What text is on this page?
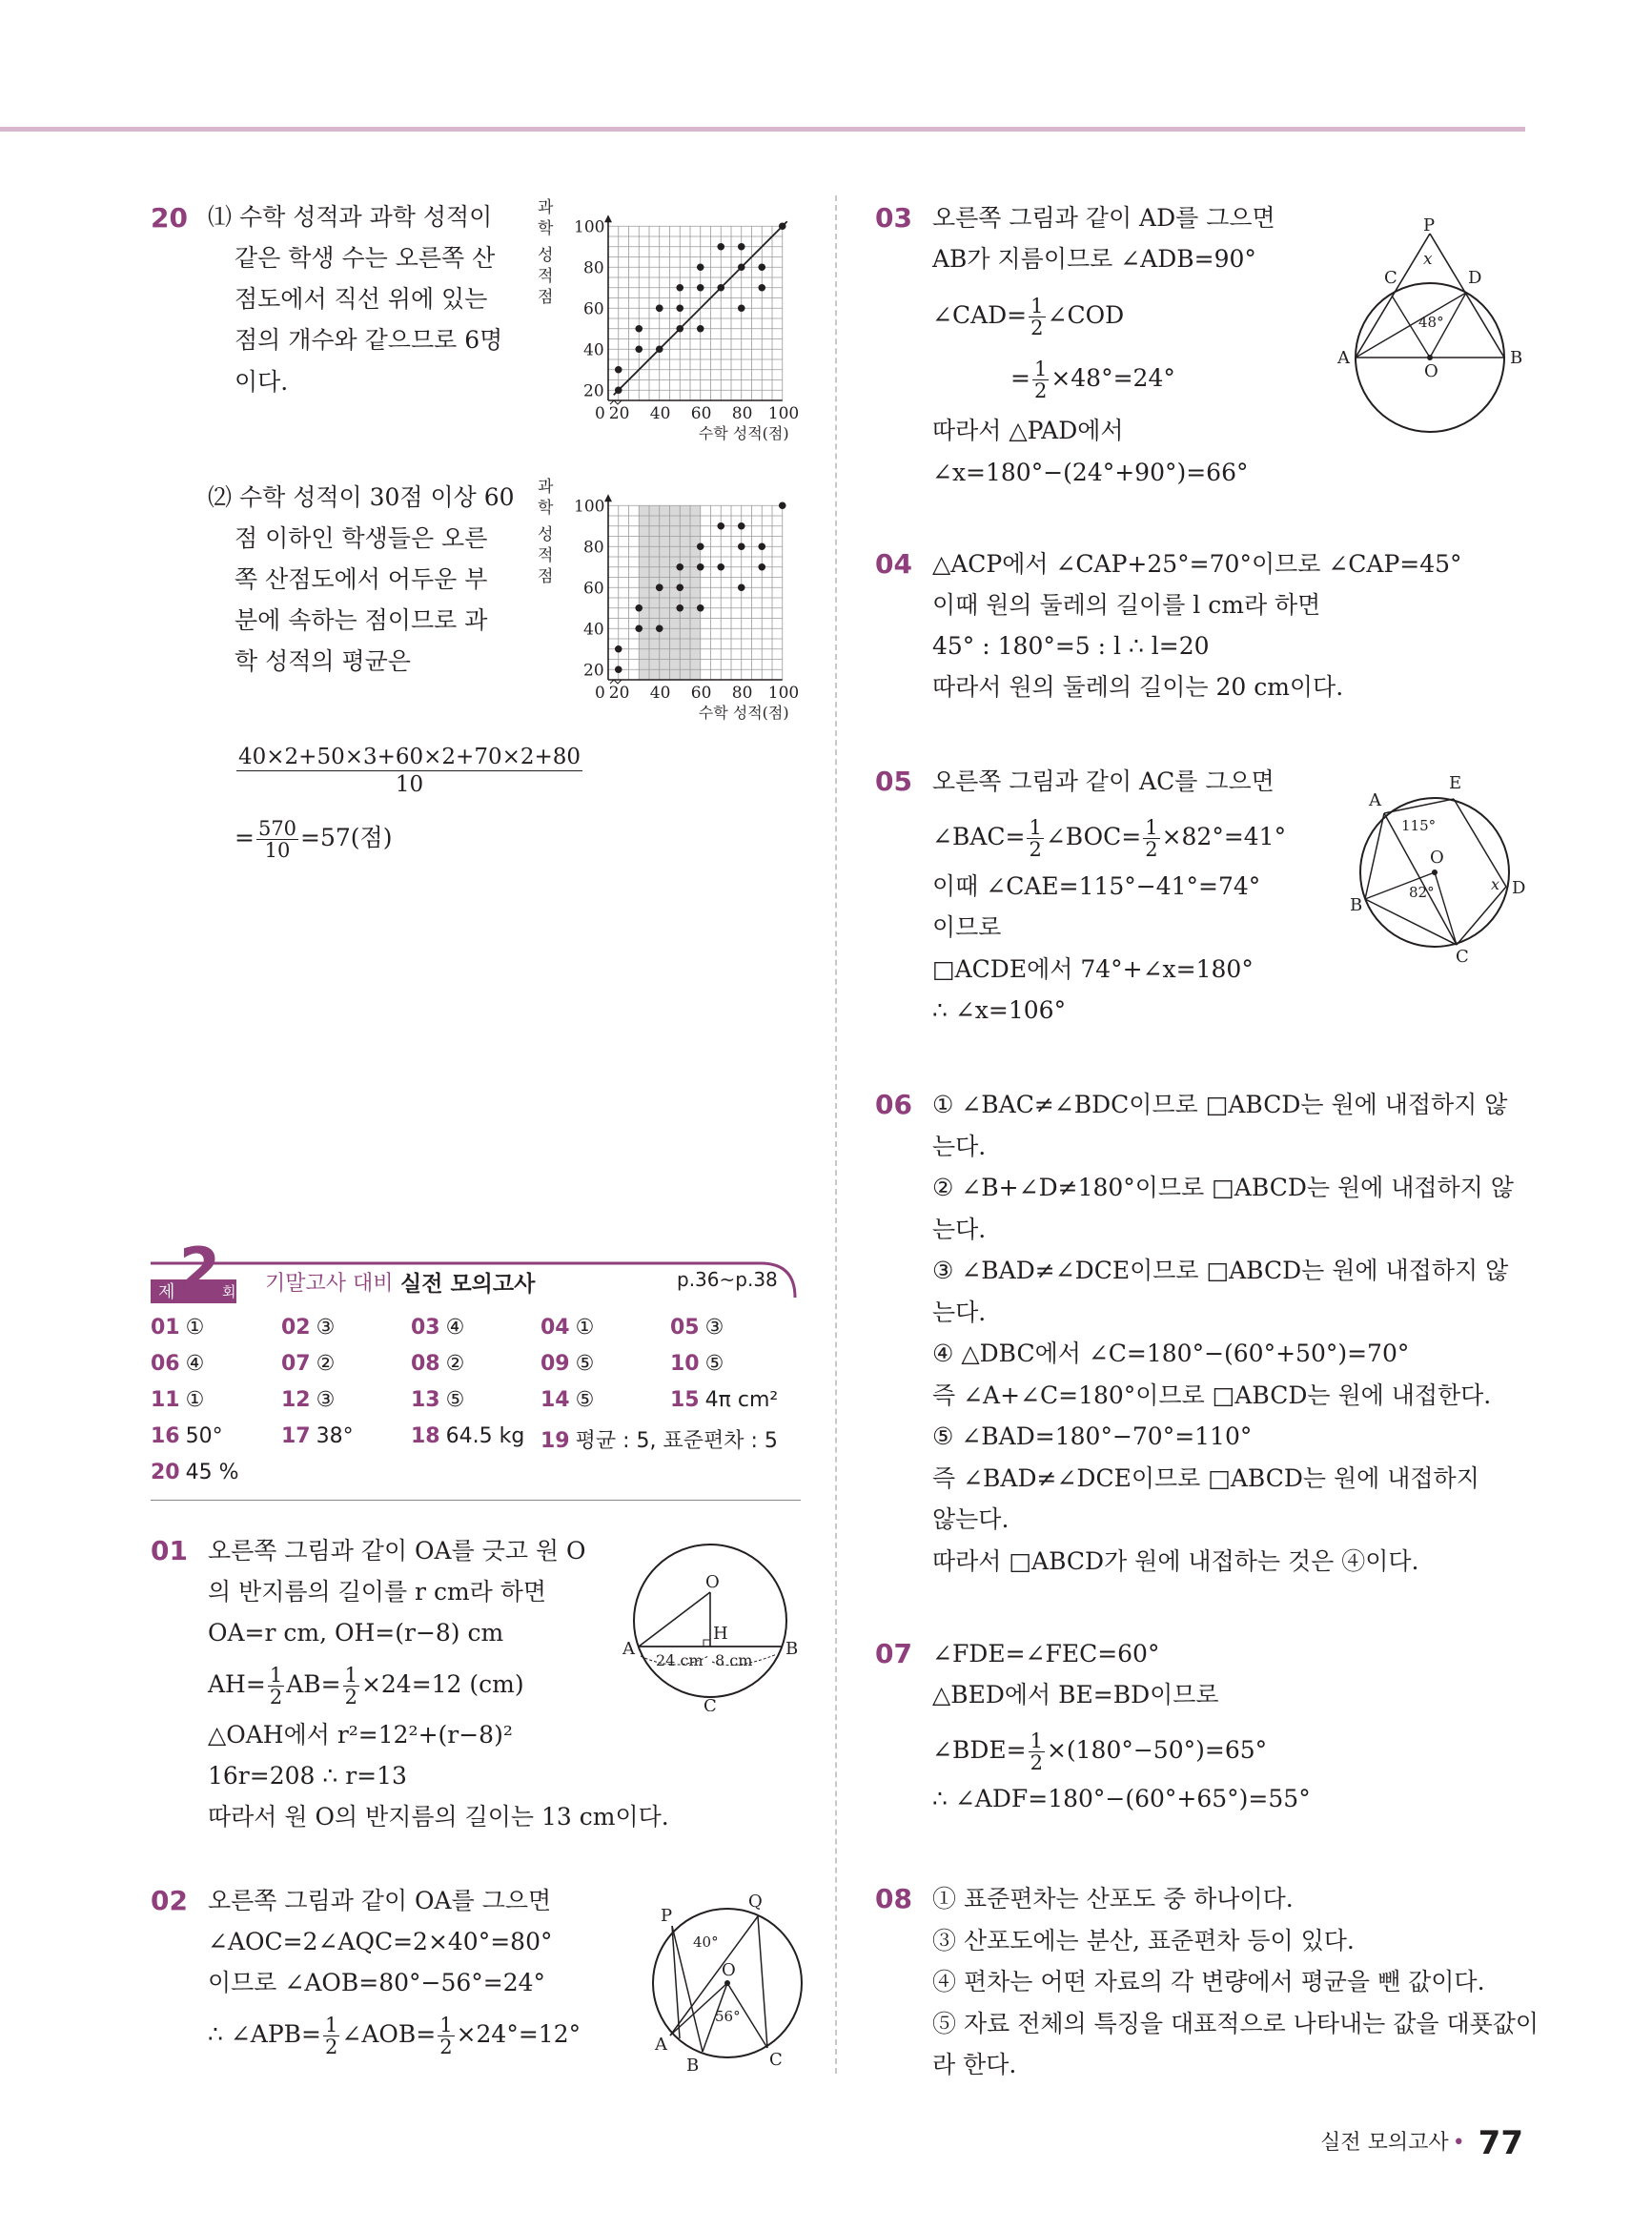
20 ⑴ 수학 성적과 과학 성적이
같은 학생 수는 오른쪽 산
점도에서 직선 위에 있는
점의 개수와 같으므로 6명
이다.
⑵ 수학 성적이 30점 이상 60
점 이하인 학생들은 오른
쪽 산점도에서 어두운 부
분에 속하는 점이므로 과
학 성적의 평균은
$\frac{40\times 2+50\times 3+60\times 2+70\times 2+80}{10}$
= $\frac{570}{10} =57$(점)
0 20 40 60 80 100
100
80
60
40
20
과
학
성
적
점
수학 성적(점)
0 20 40 60 80 100
100
80
60
40
20
과
학
성
적
점
수학 성적(점)
제 2 회 기말고사 대비 실전 모의고사	p.36~p.38
01 ①	02 ③	03 ④	04 ①	05 ③
06 ④	07 ②	08 ②	09 ⑤	10 ⑤
11 ①	12 ③	13 ⑤	14 ⑤	15 4π cm²
16 50°	17 38°	18 64.5 kg 19 평균 : 5, 표준편차 : 5
20 45 %
01 오른쪽 그림과 같이 OA를 긋고 원 O
의 반지름의 길이를 r cm라 하면
OA=r cm, OH=(r−8) cm
$AH= \frac{1}{2} AB= \frac{1}{2} \times 24=12$ (cm)
△OAH에서 r²=12²+(r−8)²
16r=208 ∴ r=13
따라서 원 O의 반지름의 길이는 13 cm이다.
O
H
A	B
C
24 cm 8 cm
02 오른쪽 그림과 같이 OA를 그으면
∠AOC=2∠AQC=2×40°=80°
이므로 ∠AOB=80°−56°=24°
∴ ∠APB= $\frac{1}{2}$ ∠AOB= $\frac{1}{2} \times 24^\circ=12^\circ$
P
Q
O
A
B	C
40°
56°
03 오른쪽 그림과 같이 AD를 그으면
AB가 지름이므로 ∠ADB=90°
∠CAD= $\frac{1}{2}$ ∠COD
= $\frac{1}{2} \times 48^\circ=24^\circ$
따라서 △PAD에서
∠x=180°−(24°+90°)=66°
P
x
C	D
A
O
B
48°
04 △ACP에서 ∠CAP+25°=70°이므로 ∠CAP=45°
이때 원의 둘레의 길이를 l cm라 하면
45° : 180°=5 : l ∴ l=20
따라서 원의 둘레의 길이는 20 cm이다.
05 오른쪽 그림과 같이 AC를 그으면
∠BAC= $\frac{1}{2}$ ∠BOC= $\frac{1}{2} \times 82^\circ=41^\circ$
이때 ∠CAE=115°−41°=74°
이므로
□ACDE에서 74°+∠x=180°
∴ ∠x=106°
A
E
O
B
C
D
x
115°
82°
06 ① ∠BAC≠∠BDC이므로 □ABCD는 원에 내접하지 않
는다.
② ∠B+∠D≠180°이므로 □ABCD는 원에 내접하지 않
는다.
③ ∠BAD≠∠DCE이므로 □ABCD는 원에 내접하지 않
는다.
④ △DBC에서 ∠C=180°−(60°+50°)=70°
즉 ∠A+∠C=180°이므로 □ABCD는 원에 내접한다.
⑤ ∠BAD=180°−70°=110°
즉 ∠BAD≠∠DCE이므로 □ABCD는 원에 내접하지
않는다.
따라서 □ABCD가 원에 내접하는 것은 ④이다.
07 ∠FDE=∠FEC=60°
△BED에서 BE=BD이므로
∠BDE= $\frac{1}{2} \times(180^\circ-50^\circ)=65^\circ$
∴ ∠ADF=180°−(60°+65°)=55°
08 ① 표준편차는 산포도 중 하나이다.
③ 산포도에는 분산, 표준편차 등이 있다.
④ 편차는 어떤 자료의 각 변량에서 평균을 뺀 값이다.
⑤ 자료 전체의 특징을 대표적으로 나타내는 값을 대푯값이
라 한다.
실전 모의고사 • 77
